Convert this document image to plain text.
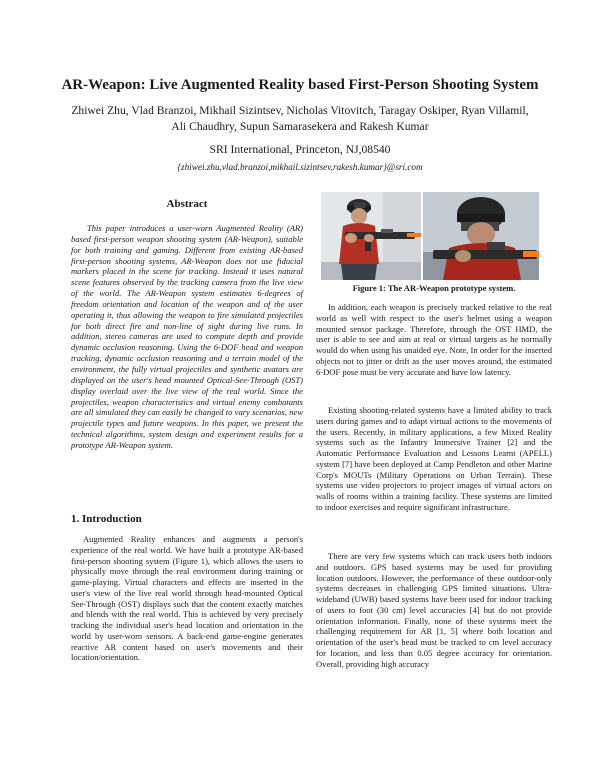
AR-Weapon: Live Augmented Reality based First-Person Shooting System

Zhiwei Zhu, Vlad Branzoi, Mikhail Sizintsev, Nicholas Vitovitch, Taragay Oskiper, Ryan Villamil, Ali Chaudhry, Supun Samarasekera and Rakesh Kumar

SRI International, Princeton, NJ,08540

{zhiwei.zhu,vlad.branzoi,mikhail.sizintsev,rakesh.kumar}@sri.com

Abstract

This paper introduces a user-worn Augmented Reality (AR) based first-person weapon shooting system (AR-Weapon), suitable for both training and gaming. Different from existing AR-based first-person shooting systems, AR-Weapon does not use fiducial markers placed in the scene for tracking. Instead it uses natural scene features observed by the tracking camera from the live view of the world. The AR-Weapon system estimates 6-degrees of freedom orientation and location of the weapon and of the user operating it, thus allowing the weapon to fire simulated projectiles for both direct fire and non-line of sight during live runs. In addition, stereo cameras are used to compute depth and provide dynamic occlusion reasoning. Using the 6-DOF head and weapon tracking, dynamic occlusion reasoning and a terrain model of the environment, the fully virtual projectiles and synthetic avatars are displayed on the user's head mounted Optical-See-Through (OST) display overlaid over the live view of the real world. Since the projectiles, weapon characteristics and virtual enemy combatants are all simulated they can easily be changed to vary scenarios, new projectile types and future weapons. In this paper, we present the technical algorithms, system design and experiment results for a prototype AR-Weapon system.

1. Introduction

Augmented Reality enhances and augments a person's experience of the real world. We have built a prototype AR-based first-person shooting system (Figure 1), which allows the users to physically move through the real environment during training or game-playing. Virtual characters and effects are inserted in the user's view of the live real world through head-mounted Optical See-Through (OST) displays such that the content exactly matches and blends with the real world. This is achieved by very precisely tracking the individual user's head location and orientation in the world by user-worn sensors. A back-end game-engine generates reactive AR content based on user's movements and their location/orientation.

Figure 1: The AR-Weapon prototype system.

In addition, each weapon is precisely tracked relative to the real world as well with respect to the user's helmet using a weapon mounted sensor package. Therefore, through the OST HMD, the user is able to see and aim at real or virtual targets as he normally would do when using his unaided eye. Note, In order for the inserted objects not to jitter or drift as the user moves around, the estimated 6-DOF pose must be very accurate and have low latency.

Existing shooting-related systems have a limited ability to track users during games and to adapt virtual actions to the movements of the users. Recently, in military applications, a few Mixed Reality systems such as the Infantry Immersive Trainer [2] and the Automatic Performance Evaluation and Lessons Learnt (APELL) system [7] have been deployed at Camp Pendleton and other Marine Corp's MOUTs (Military Operations on Urban Terrain). These systems use video projectors to project images of virtual actors on walls of rooms within a training facility. These systems are limited to indoor exercises and require significant infrastructure.

There are very few systems which can track users both indoors and outdoors. GPS based systems may be used for providing location outdoors. However, the performance of these outdoor-only systems decreases in challenging GPS limited situations. Ultra-wideband (UWB) based systems have been used for indoor tracking of users to foot (30 cm) level accuracies [4] but do not provide orientation information. Finally, none of these systems meet the challenging requirement for AR [1, 5] where both location and orientation of the user's head must be tracked to cm level accuracy for location, and less than 0.05 degree accuracy for orientation. Overall, providing high accuracy
